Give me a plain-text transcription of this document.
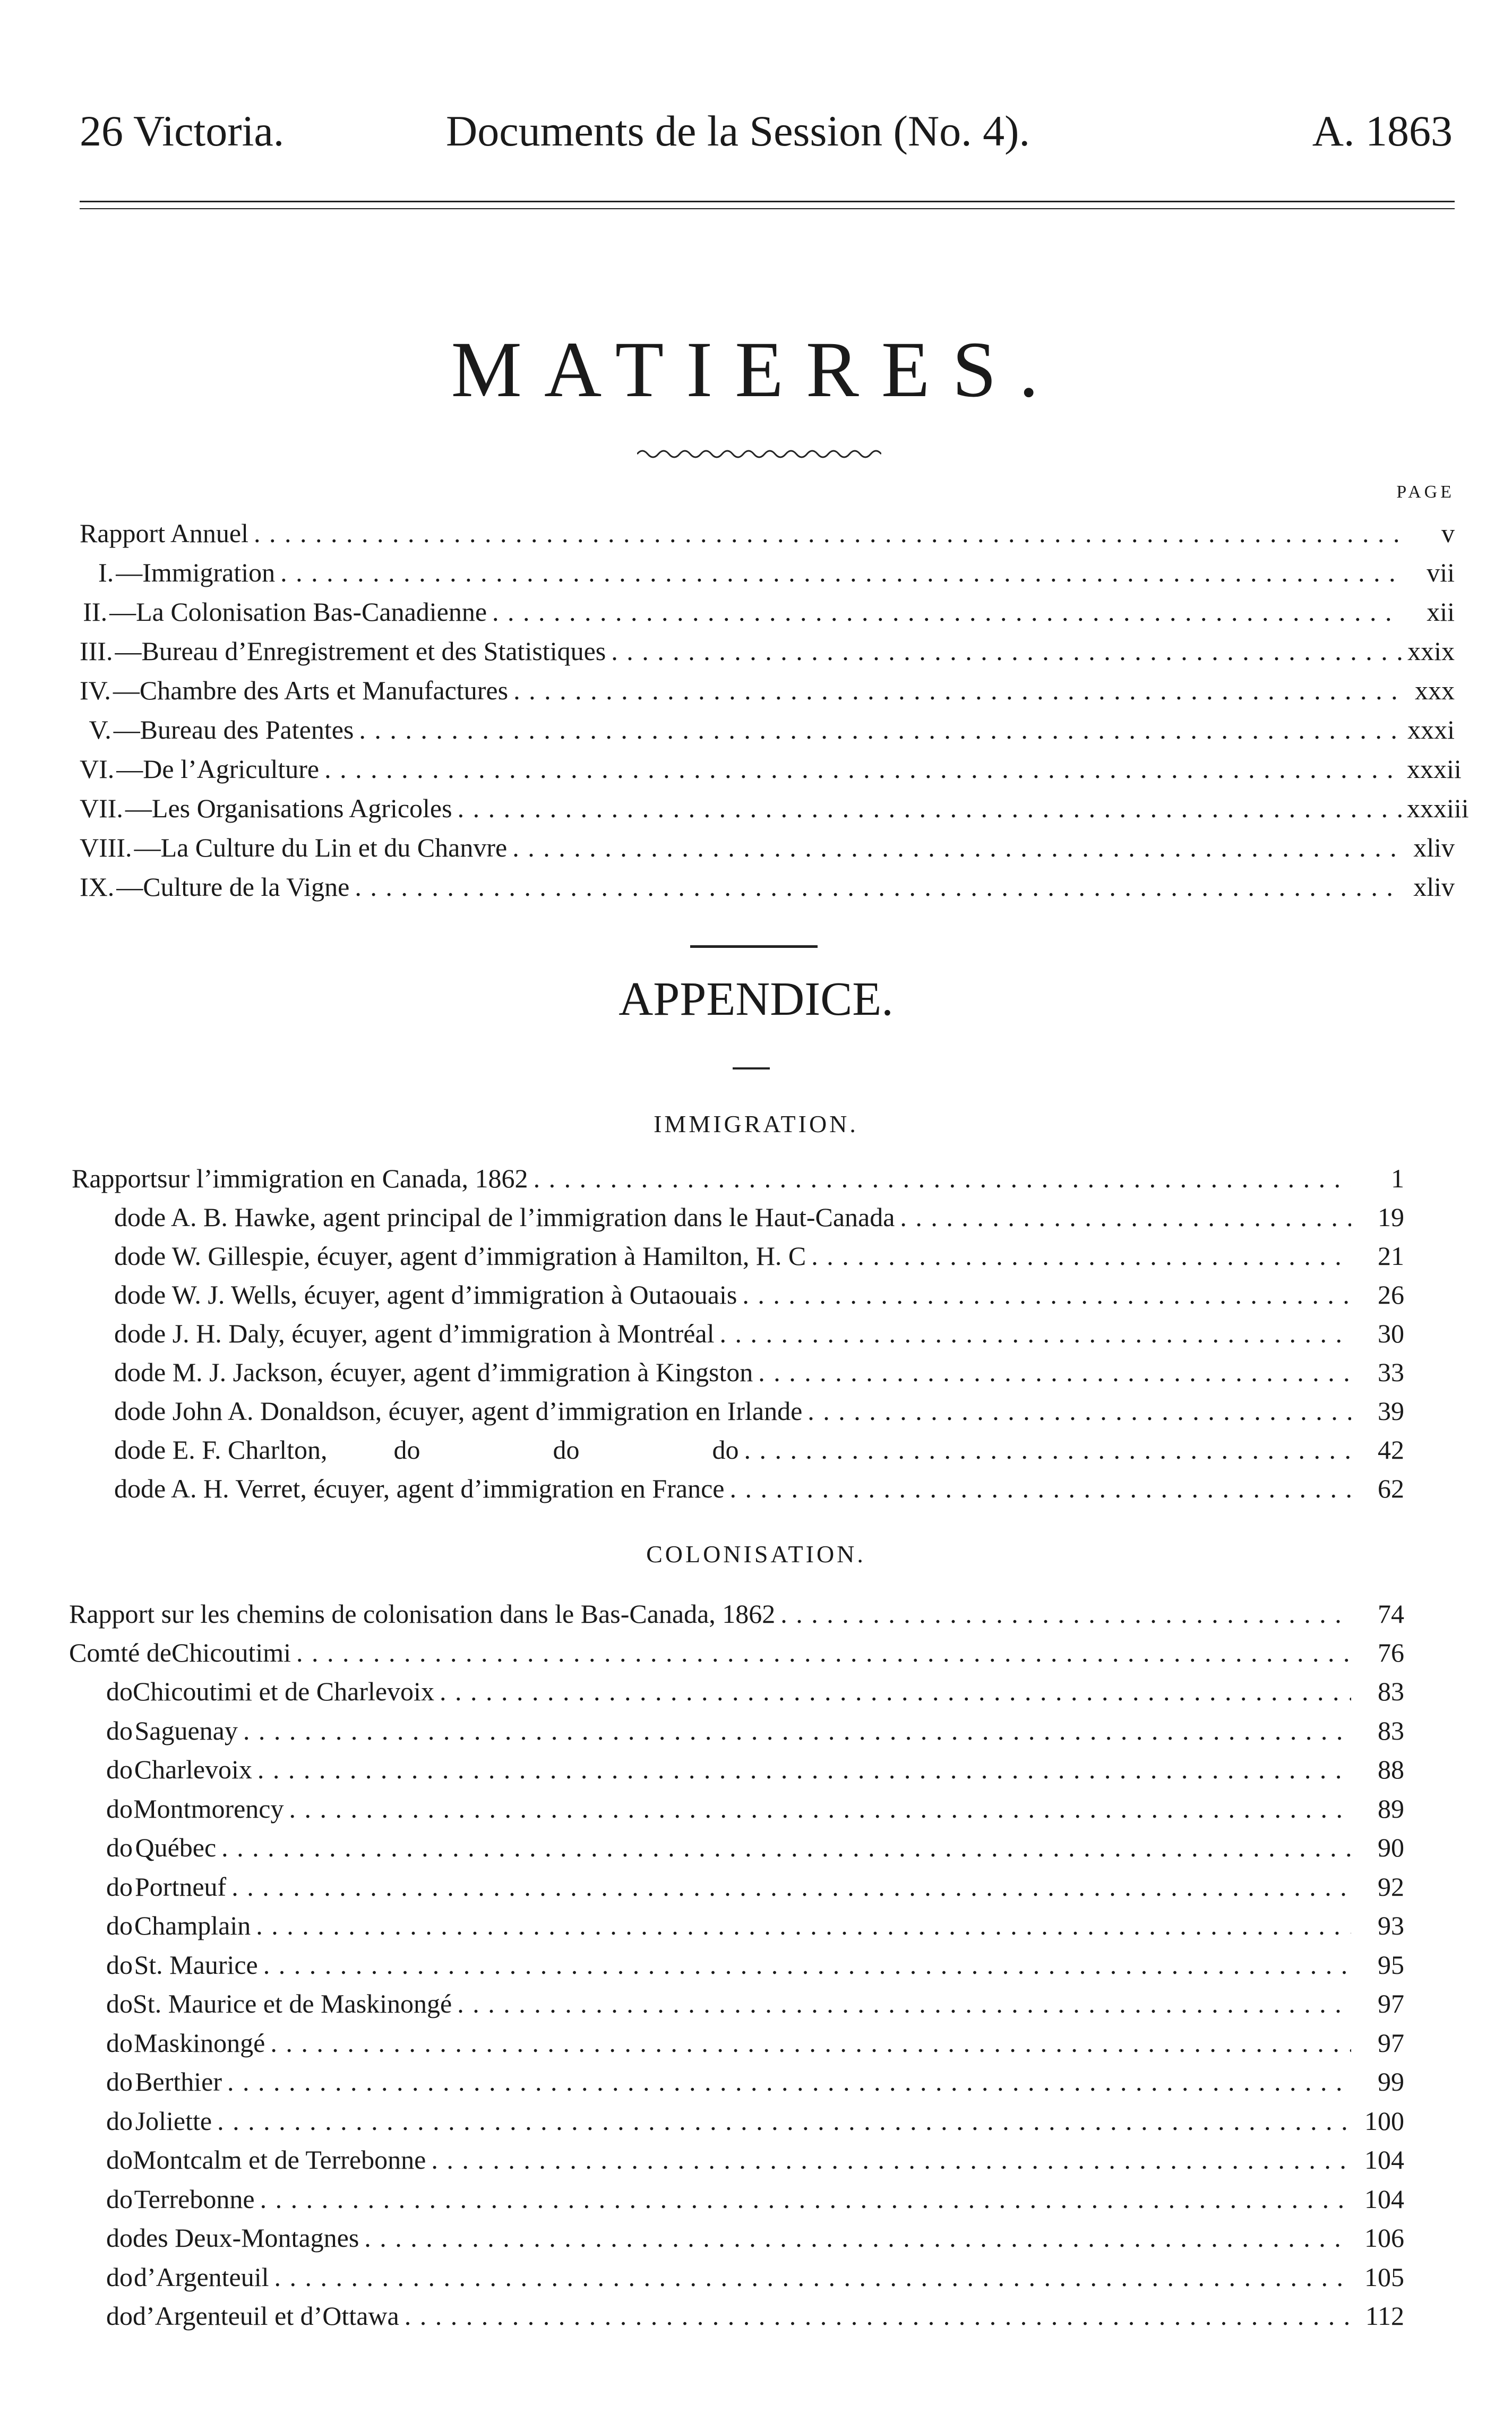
26 Victoria.	Documents de la Session (No. 4).	A. 1863
MATIERES.
PAGE
Rapport Annuel . . .	v
I. —Immigration . . .	vii
II. —La Colonisation Bas-Canadienne . . .	xii
III. —Bureau d’Enregistrement et des Statistiques . . .	xxix
IV. —Chambre des Arts et Manufactures . . .	xxx
V. —Bureau des Patentes . . .	xxxi
VI. —De l’Agriculture . . .	xxxii
VII. —Les Organisations Agricoles . . .	xxxiii
VIII. —La Culture du Lin et du Chanvre . . .	xliv
IX. —Culture de la Vigne . . .	xliv
APPENDICE.
IMMIGRATION.
Rapport sur l’immigration en Canada, 1862 . . .	1
do de A. B. Hawke, agent principal de l’immigration dans le Haut-Canada . . .	19
do de W. Gillespie, écuyer, agent d’immigration à Hamilton, H. C . . .	21
do de W. J. Wells, écuyer, agent d’immigration à Outaouais . . .	26
do de J. H. Daly, écuyer, agent d’immigration à Montréal . . .	30
do de M. J. Jackson, écuyer, agent d’immigration à Kingston . . .	33
do de John A. Donaldson, écuyer, agent d’immigration en Irlande . . .	39
do de E. F. Charlton,          do                    do                    do . . .	42
do de A. H. Verret, écuyer, agent d’immigration en France . . .	62
COLONISATION.
Rapport sur les chemins de colonisation dans le Bas-Canada, 1862 . . .	74
Comté de Chicoutimi . . .	76
do Chicoutimi et de Charlevoix . . .	83
do Saguenay . . .	83
do Charlevoix . . .	88
do Montmorency . . .	89
do Québec . . .	90
do Portneuf . . .	92
do Champlain . . .	93
do St. Maurice . . .	95
do St. Maurice et de Maskinongé . . .	97
do Maskinongé . . .	97
do Berthier . . .	99
do Joliette . . .	100
do Montcalm et de Terrebonne . . .	104
do Terrebonne . . .	104
do des Deux-Montagnes . . .	106
do d’Argenteuil . . .	105
do d’Argenteuil et d’Ottawa . . .	112
